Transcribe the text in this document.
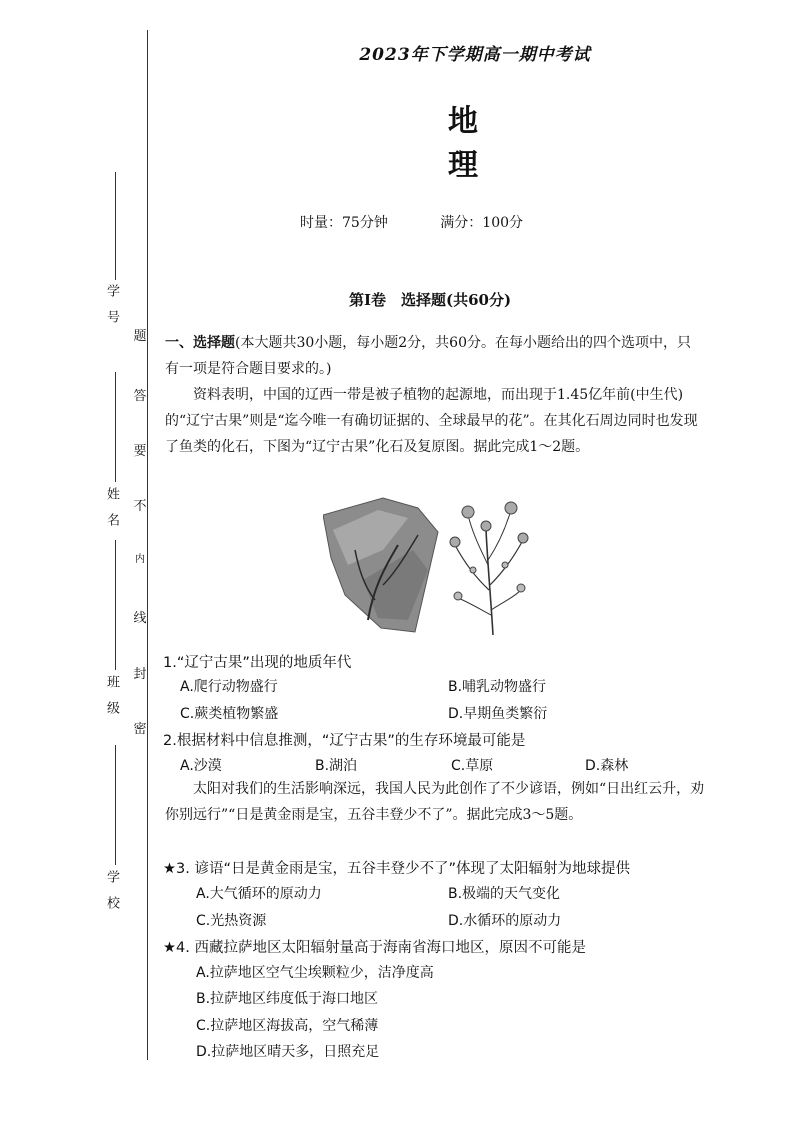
学　号
姓　名
班　级
学　校
题
答
要
不
内
线
封
密
2023年下学期高一期中考试
地 理
时量：75分钟	满分：100分
第Ⅰ卷　选择题(共60分)
一、选择题(本大题共30小题，每小题2分，共60分。在每小题给出的四个选项中，只有一项是符合题目要求的。)
资料表明，中国的辽西一带是被子植物的起源地，而出现于1.45亿年前(中生代)的“辽宁古果”则是“迄今唯一有确切证据的、全球最早的花”。在其化石周边同时也发现了鱼类的化石，下图为“辽宁古果”化石及复原图。据此完成1～2题。
1.“辽宁古果”出现的地质年代
A.爬行动物盛行	B.哺乳动物盛行
C.蕨类植物繁盛	D.早期鱼类繁衍
2.根据材料中信息推测，“辽宁古果”的生存环境最可能是
A.沙漠	B.湖泊	C.草原	D.森林
太阳对我们的生活影响深远，我国人民为此创作了不少谚语，例如“日出红云升，劝你别远行”“日是黄金雨是宝，五谷丰登少不了”。据此完成3～5题。
★3. 谚语“日是黄金雨是宝，五谷丰登少不了”体现了太阳辐射为地球提供
A.大气循环的原动力	B.极端的天气变化
C.光热资源	D.水循环的原动力
★4. 西藏拉萨地区太阳辐射量高于海南省海口地区，原因不可能是
A.拉萨地区空气尘埃颗粒少，洁净度高
B.拉萨地区纬度低于海口地区
C.拉萨地区海拔高，空气稀薄
D.拉萨地区晴天多，日照充足
